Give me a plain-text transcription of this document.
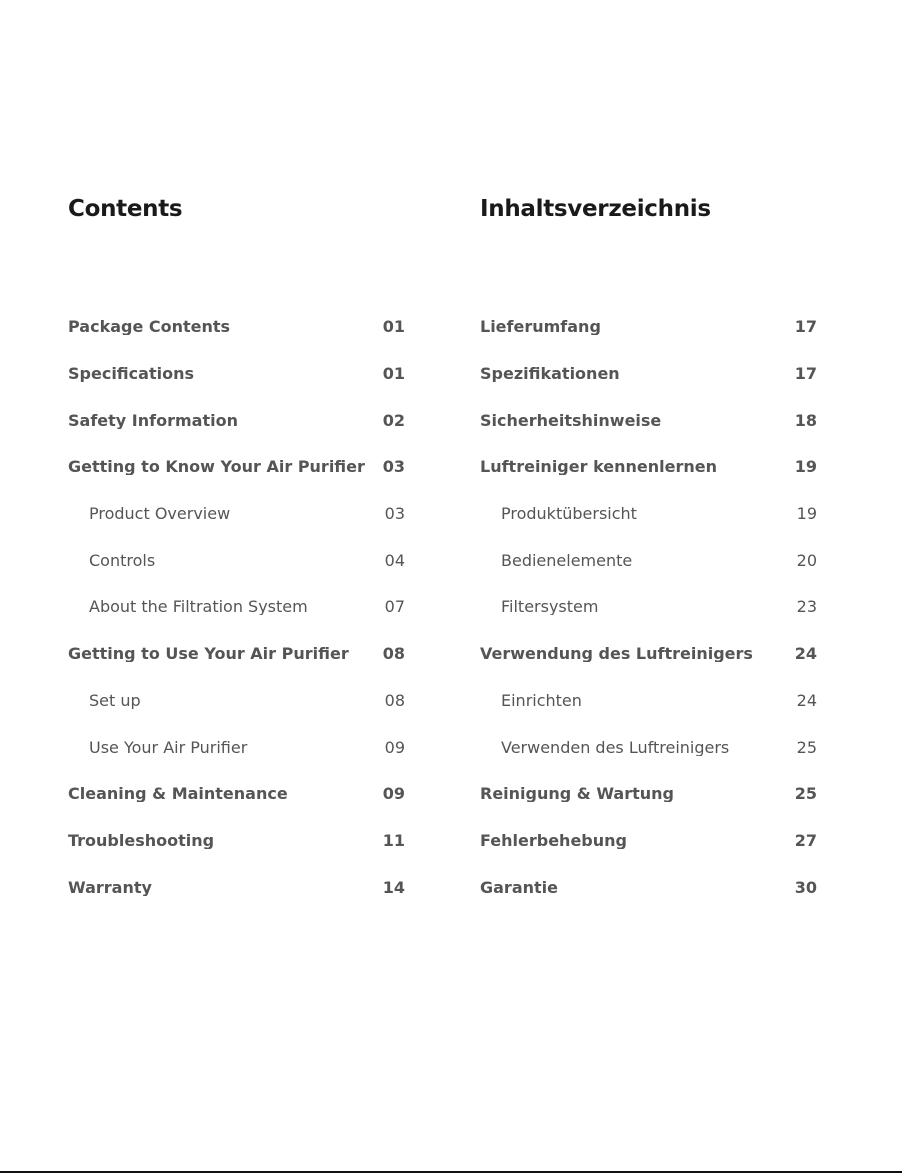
Contents
Package Contents	01
Specifications	01
Safety Information	02
Getting to Know Your Air Purifier	03
Product Overview	03
Controls	04
About the Filtration System	07
Getting to Use Your Air Purifier	08
Set up	08
Use Your Air Purifier	09
Cleaning & Maintenance	09
Troubleshooting	11
Warranty	14
Inhaltsverzeichnis
Lieferumfang	17
Spezifikationen	17
Sicherheitshinweise	18
Luftreiniger kennenlernen	19
Produktübersicht	19
Bedienelemente	20
Filtersystem	23
Verwendung des Luftreinigers	24
Einrichten	24
Verwenden des Luftreinigers	25
Reinigung & Wartung	25
Fehlerbehebung	27
Garantie	30
